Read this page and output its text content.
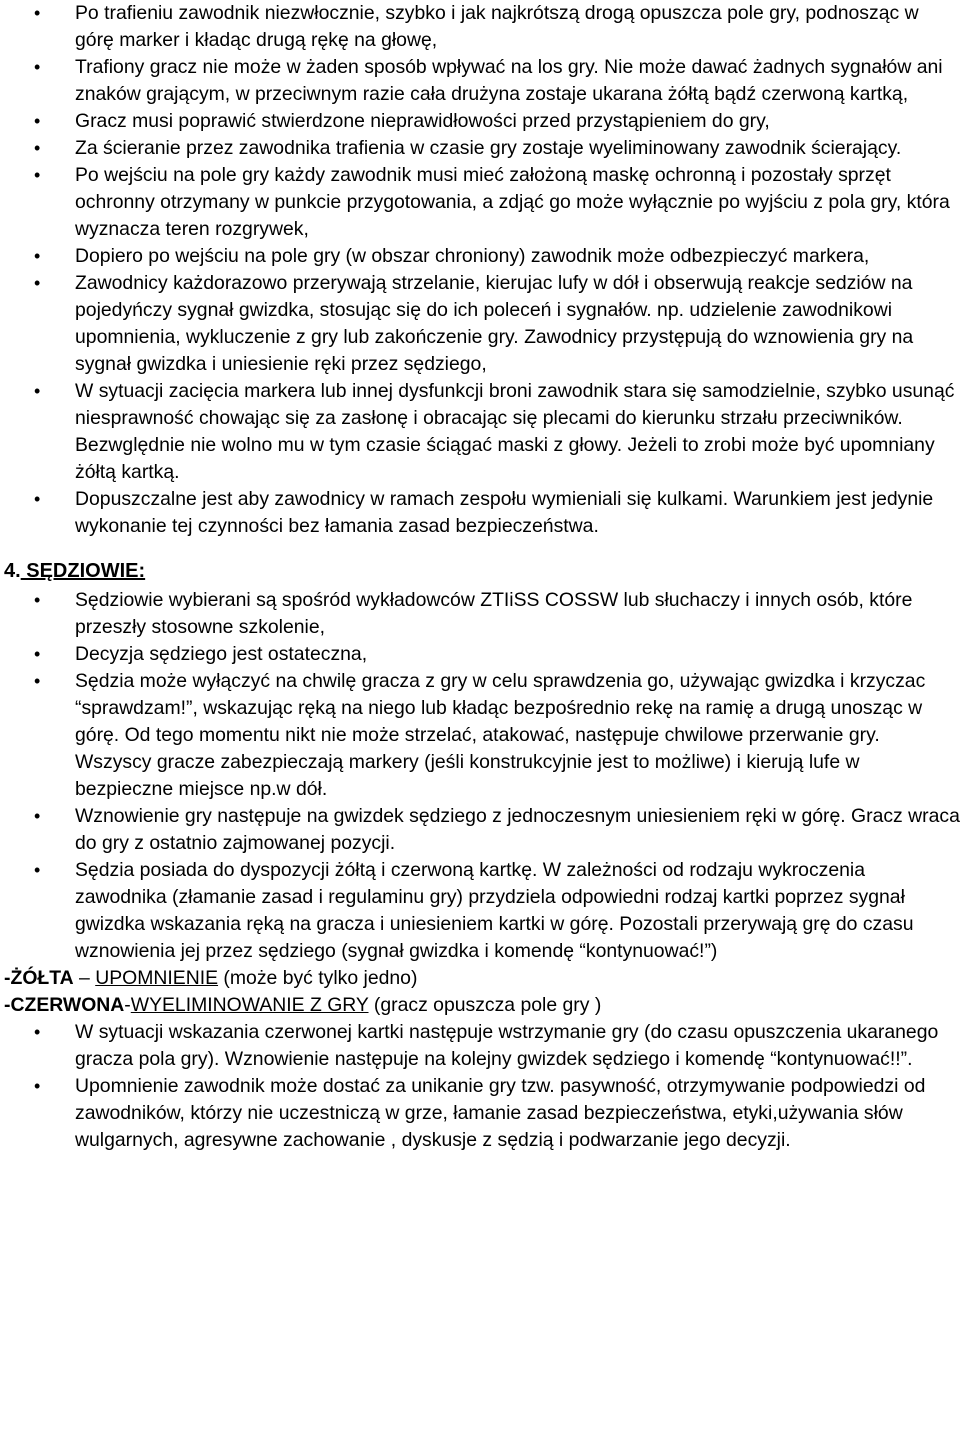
• Po trafieniu zawodnik niezwłocznie, szybko i jak najkrótszą drogą opuszcza pole gry, podnosząc w górę marker i kładąc drugą rękę na głowę,
• Trafiony gracz nie może w żaden sposób wpływać na los gry. Nie może dawać żadnych sygnałów ani znaków grającym, w przeciwnym razie cała drużyna zostaje ukarana żółtą bądź czerwoną kartką,
• Gracz musi poprawić stwierdzone nieprawidłowości przed przystąpieniem do gry,
• Za ścieranie przez zawodnika trafienia w czasie gry zostaje wyeliminowany zawodnik ścierający.
• Po wejściu na pole gry każdy zawodnik musi mieć założoną maskę ochronną i pozostały sprzęt ochronny otrzymany w punkcie przygotowania, a zdjąć go może wyłącznie po wyjściu z pola gry, która wyznacza teren rozgrywek,
• Dopiero po wejściu na pole gry (w obszar chroniony) zawodnik może odbezpieczyć markera,
• Zawodnicy każdorazowo przerywają strzelanie, kierujac lufy w dół i obserwują reakcje sedziów na pojedyńczy sygnał gwizdka, stosując się do ich poleceń i sygnałów. np. udzielenie zawodnikowi upomnienia, wykluczenie z gry lub zakończenie gry. Zawodnicy przystępują do wznowienia gry na sygnał gwizdka i uniesienie ręki przez sędziego,
• W sytuacji zacięcia markera lub innej dysfunkcji broni zawodnik stara się samodzielnie, szybko usunąć niesprawność chowając się za zasłonę i obracając się plecami do kierunku strzału przeciwników. Bezwględnie nie wolno mu w tym czasie ściągać maski z głowy. Jeżeli to zrobi może być upomniany żółtą kartką.
• Dopuszczalne jest aby zawodnicy w ramach zespołu wymieniali się kulkami. Warunkiem jest jedynie wykonanie tej czynności bez łamania zasad bezpieczeństwa.
4. SĘDZIOWIE:
• Sędziowie wybierani są spośród wykładowców ZTIiSS COSSW lub słuchaczy i innych osób, które przeszły stosowne szkolenie,
• Decyzja sędziego jest ostateczna,
• Sędzia może wyłączyć na chwilę gracza z gry w celu sprawdzenia go, używając gwizdka i krzyczac “sprawdzam!”, wskazując ręką na niego lub kładąc bezpośrednio rekę na ramię a drugą unosząc w górę. Od tego momentu nikt nie może strzelać, atakować, następuje chwilowe przerwanie gry. Wszyscy gracze zabezpieczają markery (jeśli konstrukcyjnie jest to możliwe) i kierują lufe w bezpieczne miejsce np.w dół.
• Wznowienie gry następuje na gwizdek sędziego z jednoczesnym uniesieniem ręki w górę. Gracz wraca do gry z ostatnio zajmowanej pozycji.
• Sędzia posiada do dyspozycji żółtą i czerwoną kartkę. W zależności od rodzaju wykroczenia zawodnika (złamanie zasad i regulaminu gry) przydziela odpowiedni rodzaj kartki poprzez sygnał gwizdka wskazania ręką na gracza i uniesieniem kartki w górę. Pozostali przerywają grę do czasu wznowienia jej przez sędziego (sygnał gwizdka i komendę “kontynuować!”)
-ŻÓŁTA – UPOMNIENIE (może być tylko jedno)
-CZERWONA-WYELIMINOWANIE Z GRY (gracz opuszcza pole gry )
• W sytuacji wskazania czerwonej kartki następuje wstrzymanie gry (do czasu opuszczenia ukaranego gracza pola gry). Wznowienie następuje na kolejny gwizdek sędziego i komendę “kontynuować!!”.
• Upomnienie zawodnik może dostać za unikanie gry tzw. pasywność, otrzymywanie podpowiedzi od zawodników, którzy nie uczestniczą w grze, łamanie zasad bezpieczeństwa, etyki,używania słów wulgarnych, agresywne zachowanie , dyskusje z sędzią i podwarzanie jego decyzji.
